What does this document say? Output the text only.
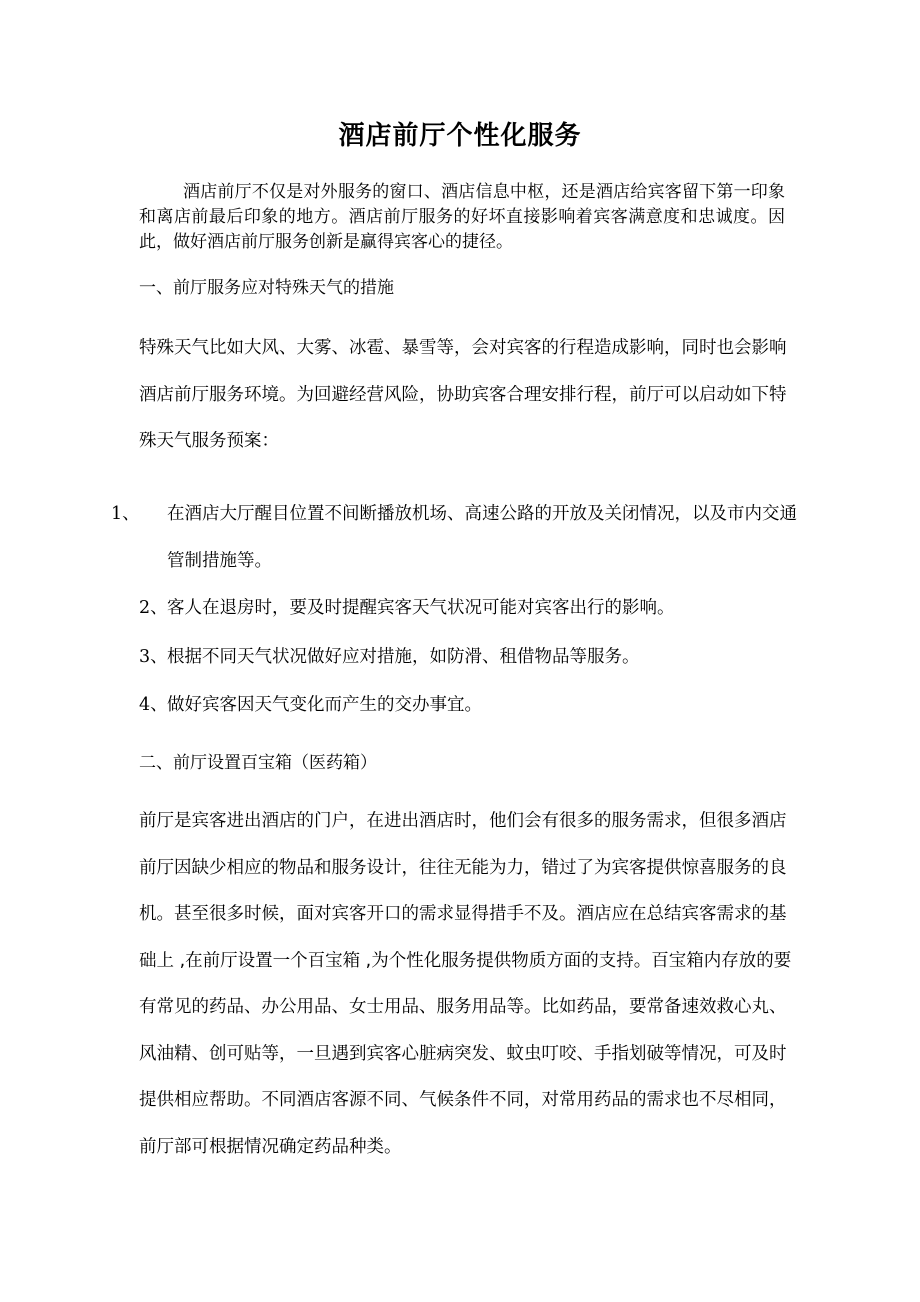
酒店前厅个性化服务

酒店前厅不仅是对外服务的窗口、酒店信息中枢，还是酒店给宾客留下第一印象和离店前最后印象的地方。酒店前厅服务的好坏直接影响着宾客满意度和忠诚度。因此，做好酒店前厅服务创新是赢得宾客心的捷径。

一、前厅服务应对特殊天气的措施

特殊天气比如大风、大雾、冰雹、暴雪等，会对宾客的行程造成影响，同时也会影响酒店前厅服务环境。为回避经营风险，协助宾客合理安排行程，前厅可以启动如下特殊天气服务预案：

1、 在酒店大厅醒目位置不间断播放机场、高速公路的开放及关闭情况，以及市内交通管制措施等。

2、客人在退房时，要及时提醒宾客天气状况可能对宾客出行的影响。

3、根据不同天气状况做好应对措施，如防滑、租借物品等服务。

4、做好宾客因天气变化而产生的交办事宜。

二、前厅设置百宝箱（医药箱）

前厅是宾客进出酒店的门户，在进出酒店时，他们会有很多的服务需求，但很多酒店前厅因缺少相应的物品和服务设计，往往无能为力，错过了为宾客提供惊喜服务的良机。甚至很多时候，面对宾客开口的需求显得措手不及。酒店应在总结宾客需求的基础上 ,在前厅设置一个百宝箱 ,为个性化服务提供物质方面的支持。百宝箱内存放的要有常见的药品、办公用品、女士用品、服务用品等。比如药品，要常备速效救心丸、风油精、创可贴等，一旦遇到宾客心脏病突发、蚊虫叮咬、手指划破等情况，可及时提供相应帮助。不同酒店客源不同、气候条件不同，对常用药品的需求也不尽相同，前厅部可根据情况确定药品种类。
